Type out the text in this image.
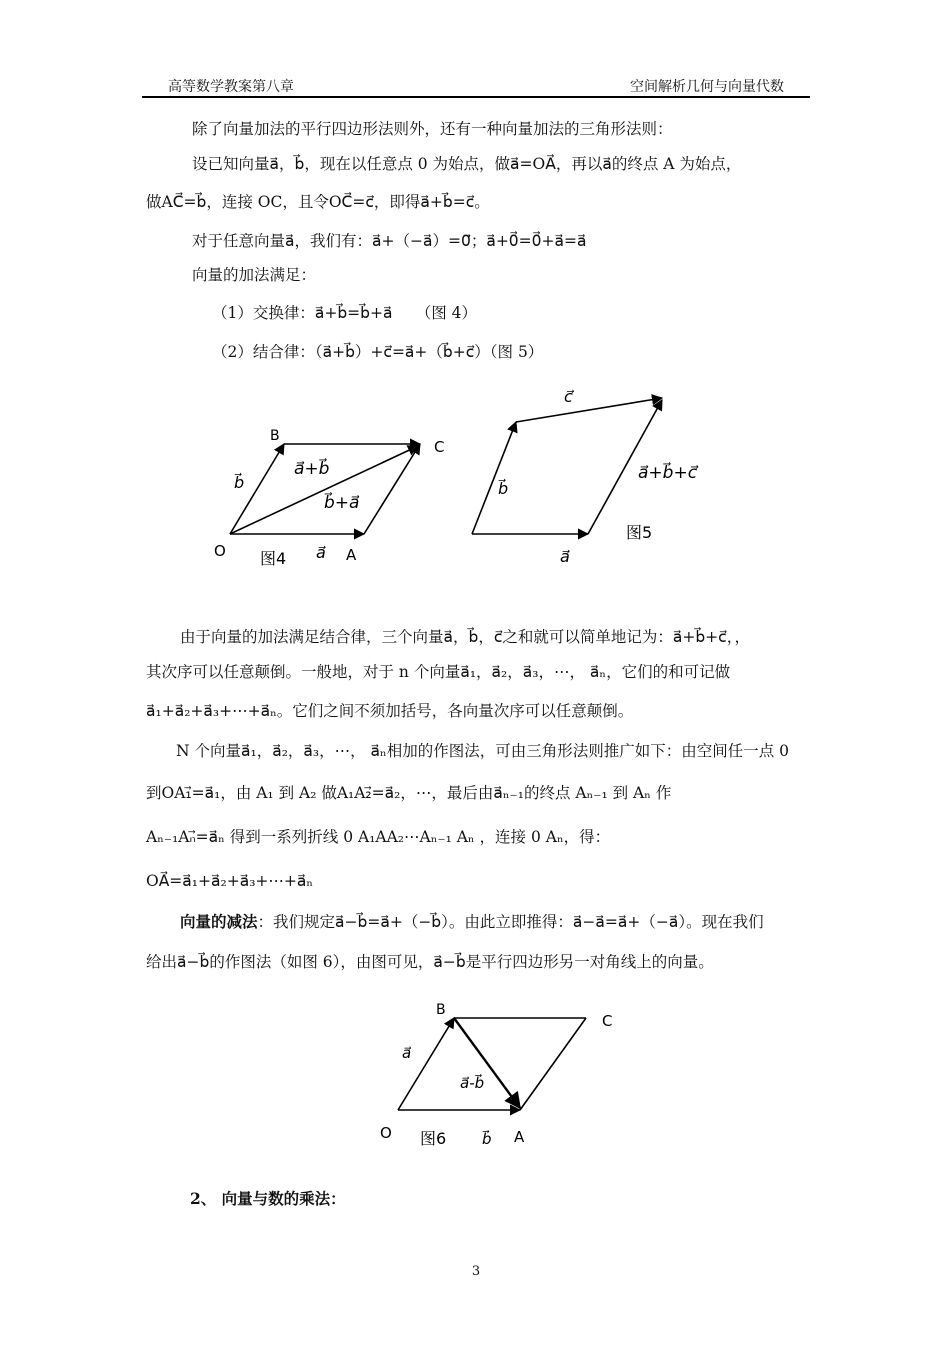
高等数学教案第八章	空间解析几何与向量代数
除了向量加法的平行四边形法则外，还有一种向量加法的三角形法则：
设已知向量a⃗，b⃗，现在以任意点 0 为始点，做a⃗=OA⃗，再以a⃗的终点 A 为始点，
做AC⃗=b⃗，连接 OC，且令OC⃗=c⃗，即得a⃗+b⃗=c⃗。
对于任意向量a⃗，我们有：a⃗+（−a⃗）=0⃗；a⃗+0⃗=0⃗+a⃗=a⃗
向量的加法满足：
（1）交换律：a⃗+b⃗=b⃗+a⃗　　（图 4）
（2）结合律：（a⃗+b⃗）+c⃗=a⃗+（b⃗+c⃗）（图 5）
O	A
B
C
a⃗
b⃗
a⃗+b⃗
b⃗+a⃗
图4	a⃗
b⃗
c⃗
a⃗+b⃗+c⃗
图5
由于向量的加法满足结合律，三个向量a⃗，b⃗，c⃗之和就可以简单地记为：a⃗+b⃗+c⃗，，
其次序可以任意颠倒。一般地，对于 n 个向量a⃗₁，a⃗₂，a⃗₃，⋯， a⃗ₙ，它们的和可记做
a⃗₁+a⃗₂+a⃗₃+⋯+a⃗ₙ。它们之间不须加括号，各向量次序可以任意颠倒。
N 个向量a⃗₁，a⃗₂，a⃗₃，⋯， a⃗ₙ相加的作图法，可由三角形法则推广如下：由空间任一点 0
到OA₁⃗=a⃗₁，由 A₁ 到 A₂ 做A₁A₂⃗=a⃗₂，⋯，最后由a⃗ₙ₋₁的终点 Aₙ₋₁ 到 Aₙ 作
Aₙ₋₁Aₙ⃗=a⃗ₙ 得到一系列折线 0 A₁AA₂⋯Aₙ₋₁ Aₙ ，连接 0 Aₙ，得：
OA⃗=a⃗₁+a⃗₂+a⃗₃+⋯+a⃗ₙ
向量的减法：我们规定a⃗−b⃗=a⃗+（−b⃗）。由此立即推得：a⃗−a⃗=a⃗+（−a⃗）。现在我们
给出a⃗−b⃗的作图法（如图 6），由图可见，a⃗−b⃗是平行四边形另一对角线上的向量。
O	A
B
C
a⃗
b⃗
a⃗-b⃗
图6
2、 向量与数的乘法：
3
